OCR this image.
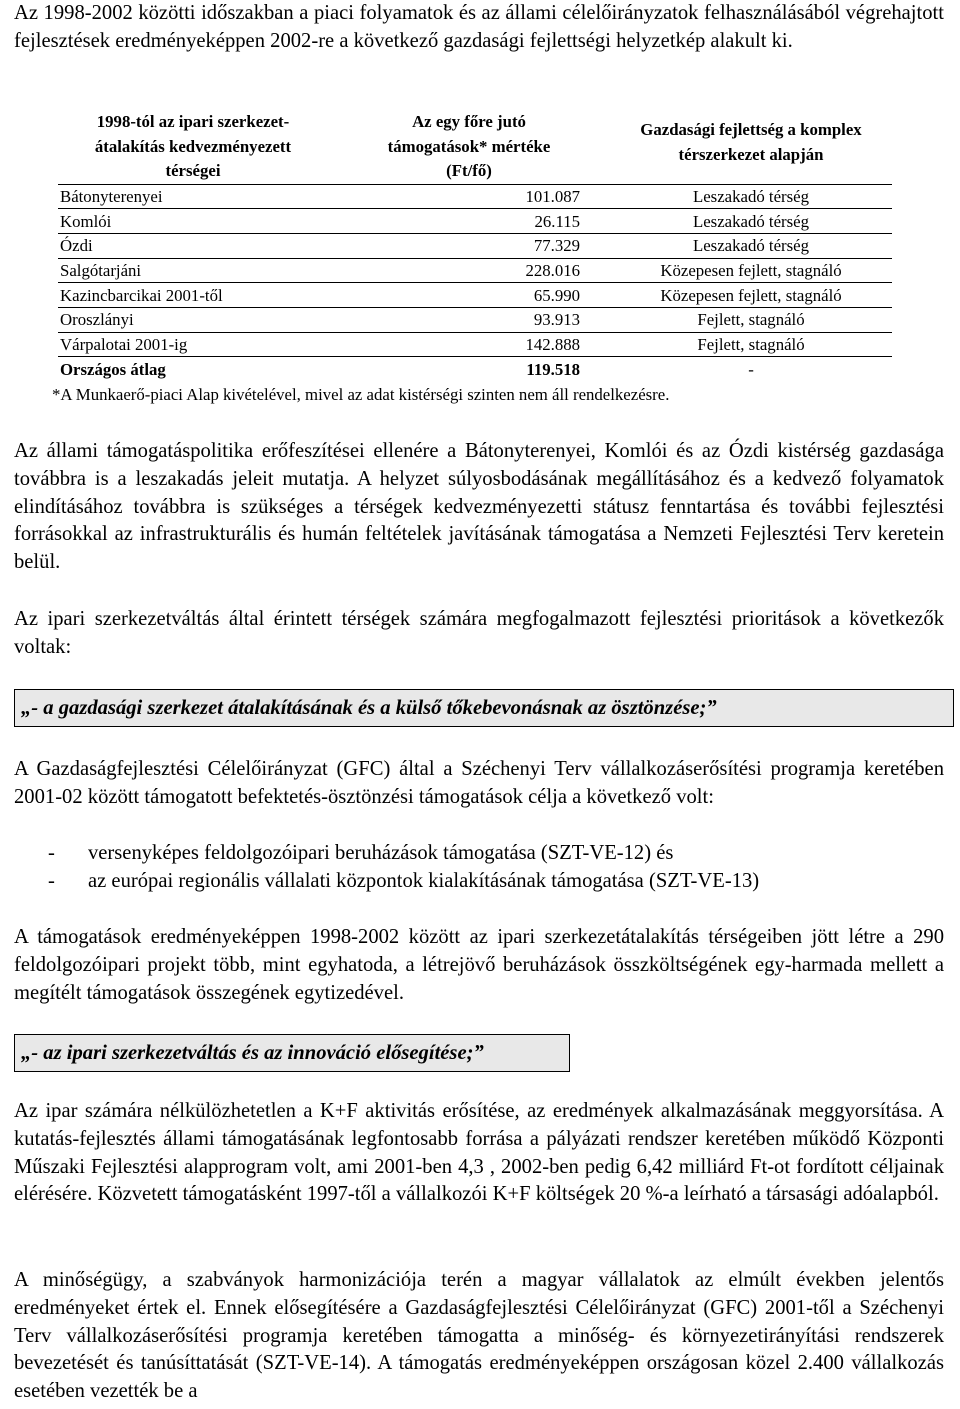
Az 1998-2002 közötti időszakban a piaci folyamatok és az állami célelőirányzatok felhasználásából végrehajtott fejlesztések eredményeképpen 2002-re a következő gazdasági fejlettségi helyzetkép alakult ki.
1998-tól az ipari szerkezet-átalakítás kedvezményezett térségei	Az egy főre jutó támogatások* mértéke (Ft/fő)	Gazdasági fejlettség a komplex térszerkezet alapján
Bátonyterenyei	101.087	Leszakadó térség
Komlói	26.115	Leszakadó térség
Ózdi	77.329	Leszakadó térség
Salgótarjáni	228.016	Közepesen fejlett, stagnáló
Kazincbarcikai 2001-től	65.990	Közepesen fejlett, stagnáló
Oroszlányi	93.913	Fejlett, stagnáló
Várpalotai 2001-ig	142.888	Fejlett, stagnáló
Országos átlag	119.518	-
*A Munkaerő-piaci Alap kivételével, mivel az adat kistérségi szinten nem áll rendelkezésre.
Az állami támogatáspolitika erőfeszítései ellenére a Bátonyterenyei, Komlói és az Ózdi kistérség gazdasága továbbra is a leszakadás jeleit mutatja. A helyzet súlyosbodásának megállításához és a kedvező folyamatok elindításához továbbra is szükséges a térségek kedvezményezetti státusz fenntartása és további fejlesztési forrásokkal az infrastrukturális és humán feltételek javításának támogatása a Nemzeti Fejlesztési Terv keretein belül.
Az ipari szerkezetváltás által érintett térségek számára megfogalmazott fejlesztési prioritások a következők voltak:
„- a gazdasági szerkezet átalakításának és a külső tőkebevonásnak az ösztönzése;”
A Gazdaságfejlesztési Célelőirányzat (GFC) által a Széchenyi Terv vállalkozáserősítési programja keretében 2001-02 között támogatott befektetés-ösztönzési támogatások célja a következő volt:
- versenyképes feldolgozóipari beruházások támogatása (SZT-VE-12) és
- az európai regionális vállalati központok kialakításának támogatása (SZT-VE-13)
A támogatások eredményeképpen 1998-2002 között az ipari szerkezetátalakítás térségeiben jött létre a 290 feldolgozóipari projekt több, mint egyhatoda, a létrejövő beruházások összköltségének egy-harmada mellett a megítélt támogatások összegének egytizedével.
„- az ipari szerkezetváltás és az innováció elősegítése;”
Az ipar számára nélkülözhetetlen a K+F aktivitás erősítése, az eredmények alkalmazásának meggyorsítása. A kutatás-fejlesztés állami támogatásának legfontosabb forrása a pályázati rendszer keretében működő Központi Műszaki Fejlesztési alapprogram volt, ami 2001-ben 4,3 , 2002-ben pedig 6,42 milliárd Ft-ot fordított céljainak elérésére. Közvetett támogatásként 1997-től a vállalkozói K+F költségek 20 %-a leírható a társasági adóalapból.
A minőségügy, a szabványok harmonizációja terén a magyar vállalatok az elmúlt években jelentős eredményeket értek el. Ennek elősegítésére a Gazdaságfejlesztési Célelőirányzat (GFC) 2001-től a Széchenyi Terv vállalkozáserősítési programja keretében támogatta a minőség- és környezetirányítási rendszerek bevezetését és tanúsíttatását (SZT-VE-14). A támogatás eredményeképpen országosan közel 2.400 vállalkozás esetében vezették be a
